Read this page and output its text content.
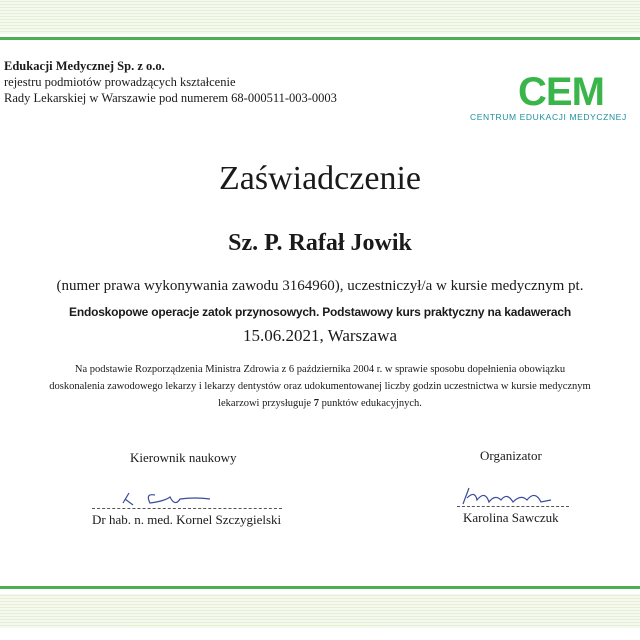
Edukacji Medycznej Sp. z o.o.
rejestru podmiotów prowadzących kształcenie
Rady Lekarskiej w Warszawie pod numerem 68-000511-003-0003	CEM
CENTRUM EDUKACJI MEDYCZNEJ
Zaświadczenie
Sz. P. Rafał Jowik
(numer prawa wykonywania zawodu 3164960), uczestniczył/a w kursie medycznym pt.
Endoskopowe operacje zatok przynosowych. Podstawowy kurs praktyczny na kadawerach
15.06.2021, Warszawa
Na podstawie Rozporządzenia Ministra Zdrowia z 6 października 2004 r. w sprawie sposobu dopełnienia obowiązku
doskonalenia zawodowego lekarzy i lekarzy dentystów oraz udokumentowanej liczby godzin uczestnictwa w kursie medycznym
lekarzowi przysługuje 7 punktów edukacyjnych.
Kierownik naukowy
Dr hab. n. med. Kornel Szczygielski
Organizator
Karolina Sawczuk
